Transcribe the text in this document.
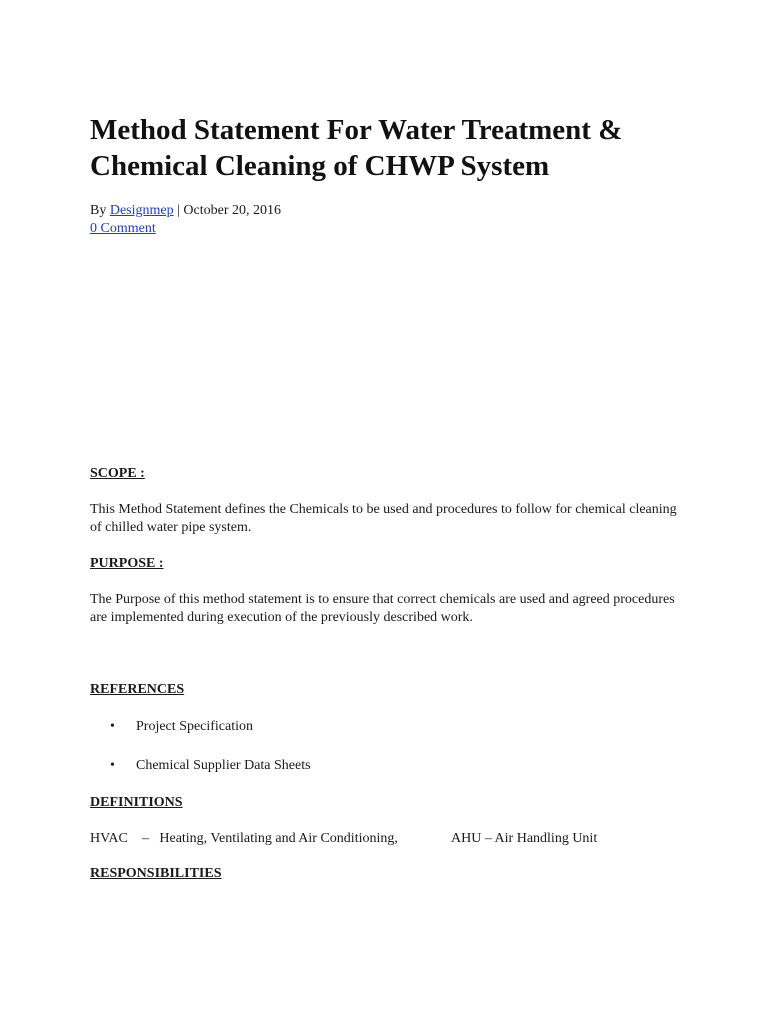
Method Statement For Water Treatment & Chemical Cleaning of CHWP System
By Designmep | October 20, 2016
0 Comment

SCOPE :

This Method Statement defines the Chemicals to be used and procedures to follow for chemical cleaning of chilled water pipe system.

PURPOSE :

The Purpose of this method statement is to ensure that correct chemicals are used and agreed procedures are implemented during execution of the previously described work.

REFERENCES

• Project Specification
• Chemical Supplier Data Sheets

DEFINITIONS

HVAC    –   Heating, Ventilating and Air Conditioning,	AHU – Air Handling Unit

RESPONSIBILITIES
